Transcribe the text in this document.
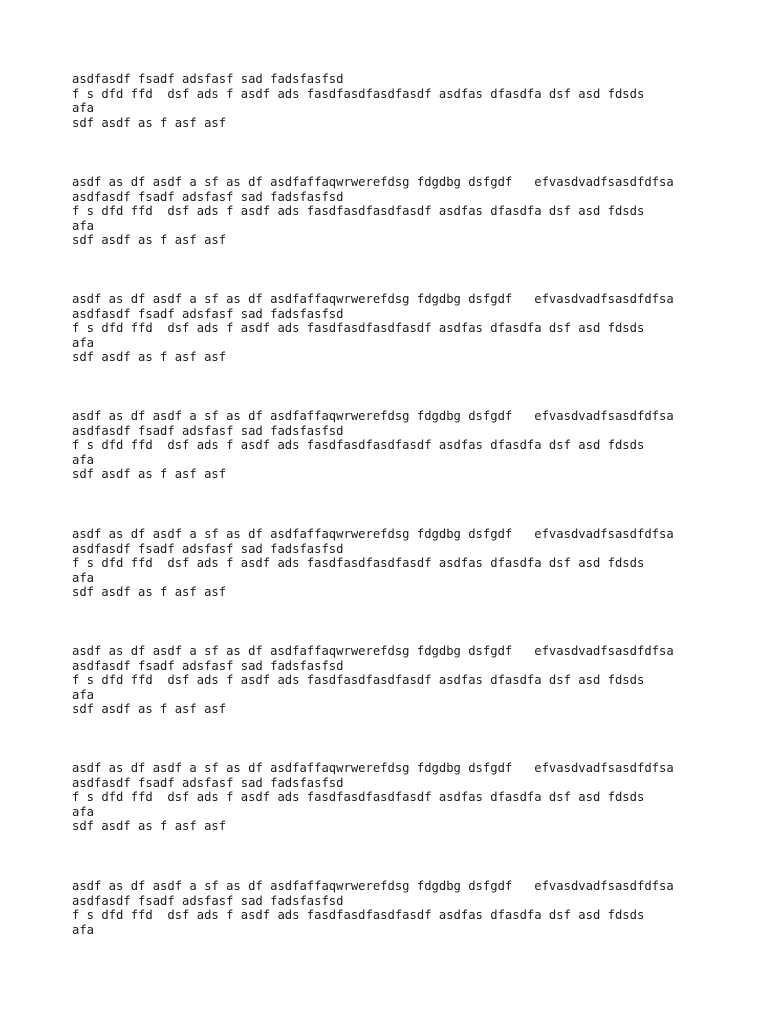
asdfasdf fsadf adsfasf sad fadsfasfsd
f s dfd ffd  dsf ads f asdf ads fasdfasdfasdfasdf asdfas dfasdfa dsf asd fdsds
afa
sdf asdf as f asf asf
asdf as df asdf a sf as df asdfaffaqwrwerefdsg fdgdbg dsfgdf   efvasdvadfsasdfdfsa
asdfasdf fsadf adsfasf sad fadsfasfsd
f s dfd ffd  dsf ads f asdf ads fasdfasdfasdfasdf asdfas dfasdfa dsf asd fdsds
afa
sdf asdf as f asf asf
asdf as df asdf a sf as df asdfaffaqwrwerefdsg fdgdbg dsfgdf   efvasdvadfsasdfdfsa
asdfasdf fsadf adsfasf sad fadsfasfsd
f s dfd ffd  dsf ads f asdf ads fasdfasdfasdfasdf asdfas dfasdfa dsf asd fdsds
afa
sdf asdf as f asf asf
asdf as df asdf a sf as df asdfaffaqwrwerefdsg fdgdbg dsfgdf   efvasdvadfsasdfdfsa
asdfasdf fsadf adsfasf sad fadsfasfsd
f s dfd ffd  dsf ads f asdf ads fasdfasdfasdfasdf asdfas dfasdfa dsf asd fdsds
afa
sdf asdf as f asf asf
asdf as df asdf a sf as df asdfaffaqwrwerefdsg fdgdbg dsfgdf   efvasdvadfsasdfdfsa
asdfasdf fsadf adsfasf sad fadsfasfsd
f s dfd ffd  dsf ads f asdf ads fasdfasdfasdfasdf asdfas dfasdfa dsf asd fdsds
afa
sdf asdf as f asf asf
asdf as df asdf a sf as df asdfaffaqwrwerefdsg fdgdbg dsfgdf   efvasdvadfsasdfdfsa
asdfasdf fsadf adsfasf sad fadsfasfsd
f s dfd ffd  dsf ads f asdf ads fasdfasdfasdfasdf asdfas dfasdfa dsf asd fdsds
afa
sdf asdf as f asf asf
asdf as df asdf a sf as df asdfaffaqwrwerefdsg fdgdbg dsfgdf   efvasdvadfsasdfdfsa
asdfasdf fsadf adsfasf sad fadsfasfsd
f s dfd ffd  dsf ads f asdf ads fasdfasdfasdfasdf asdfas dfasdfa dsf asd fdsds
afa
sdf asdf as f asf asf
asdf as df asdf a sf as df asdfaffaqwrwerefdsg fdgdbg dsfgdf   efvasdvadfsasdfdfsa
asdfasdf fsadf adsfasf sad fadsfasfsd
f s dfd ffd  dsf ads f asdf ads fasdfasdfasdfasdf asdfas dfasdfa dsf asd fdsds
afa
